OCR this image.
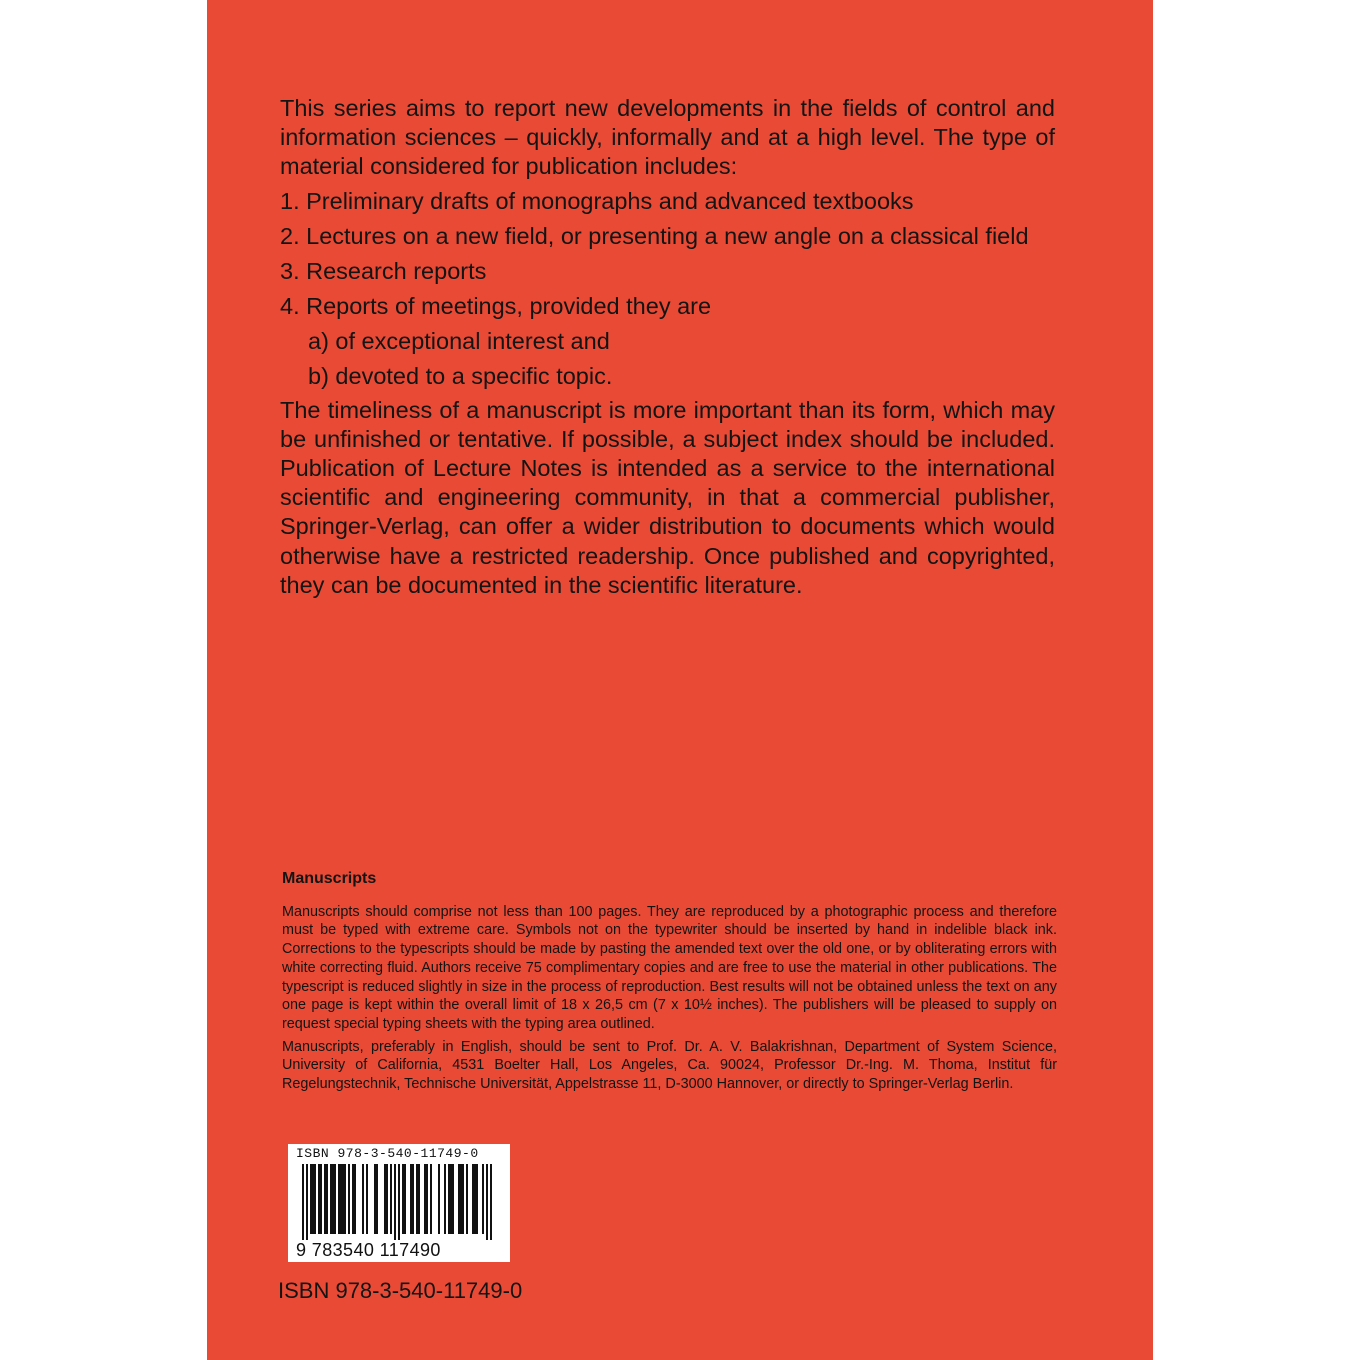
This series aims to report new developments in the fields of control and information sciences – quickly, informally and at a high level. The type of material considered for publication includes:

1. Preliminary drafts of monographs and advanced textbooks

2. Lectures on a new field, or presenting a new angle on a classical field

3. Research reports

4. Reports of meetings, provided they are

a) of exceptional interest and

b) devoted to a specific topic.

The timeliness of a manuscript is more important than its form, which may be unfinished or tentative. If possible, a subject index should be included. Publication of Lecture Notes is intended as a service to the international scientific and engineering community, in that a commercial publisher, Springer-Verlag, can offer a wider distribution to documents which would otherwise have a restricted readership. Once published and copyrighted, they can be documented in the scientific literature.

Manuscripts

Manuscripts should comprise not less than 100 pages. They are reproduced by a photographic process and therefore must be typed with extreme care. Symbols not on the typewriter should be inserted by hand in indelible black ink. Corrections to the typescripts should be made by pasting the amended text over the old one, or by obliterating errors with white correcting fluid. Authors receive 75 complimentary copies and are free to use the material in other publications. The typescript is reduced slightly in size in the process of reproduction. Best results will not be obtained unless the text on any one page is kept within the overall limit of 18 x 26,5 cm (7 x 10½ inches). The publishers will be pleased to supply on request special typing sheets with the typing area outlined.

Manuscripts, preferably in English, should be sent to Prof. Dr. A. V. Balakrishnan, Department of System Science, University of California, 4531 Boelter Hall, Los Angeles, Ca. 90024, Professor Dr.-Ing. M. Thoma, Institut für Regelungstechnik, Technische Universität, Appelstrasse 11, D-3000 Hannover, or directly to Springer-Verlag Berlin.

ISBN 978-3-540-11749-0
9 783540 117490
ISBN 978-3-540-11749-0
